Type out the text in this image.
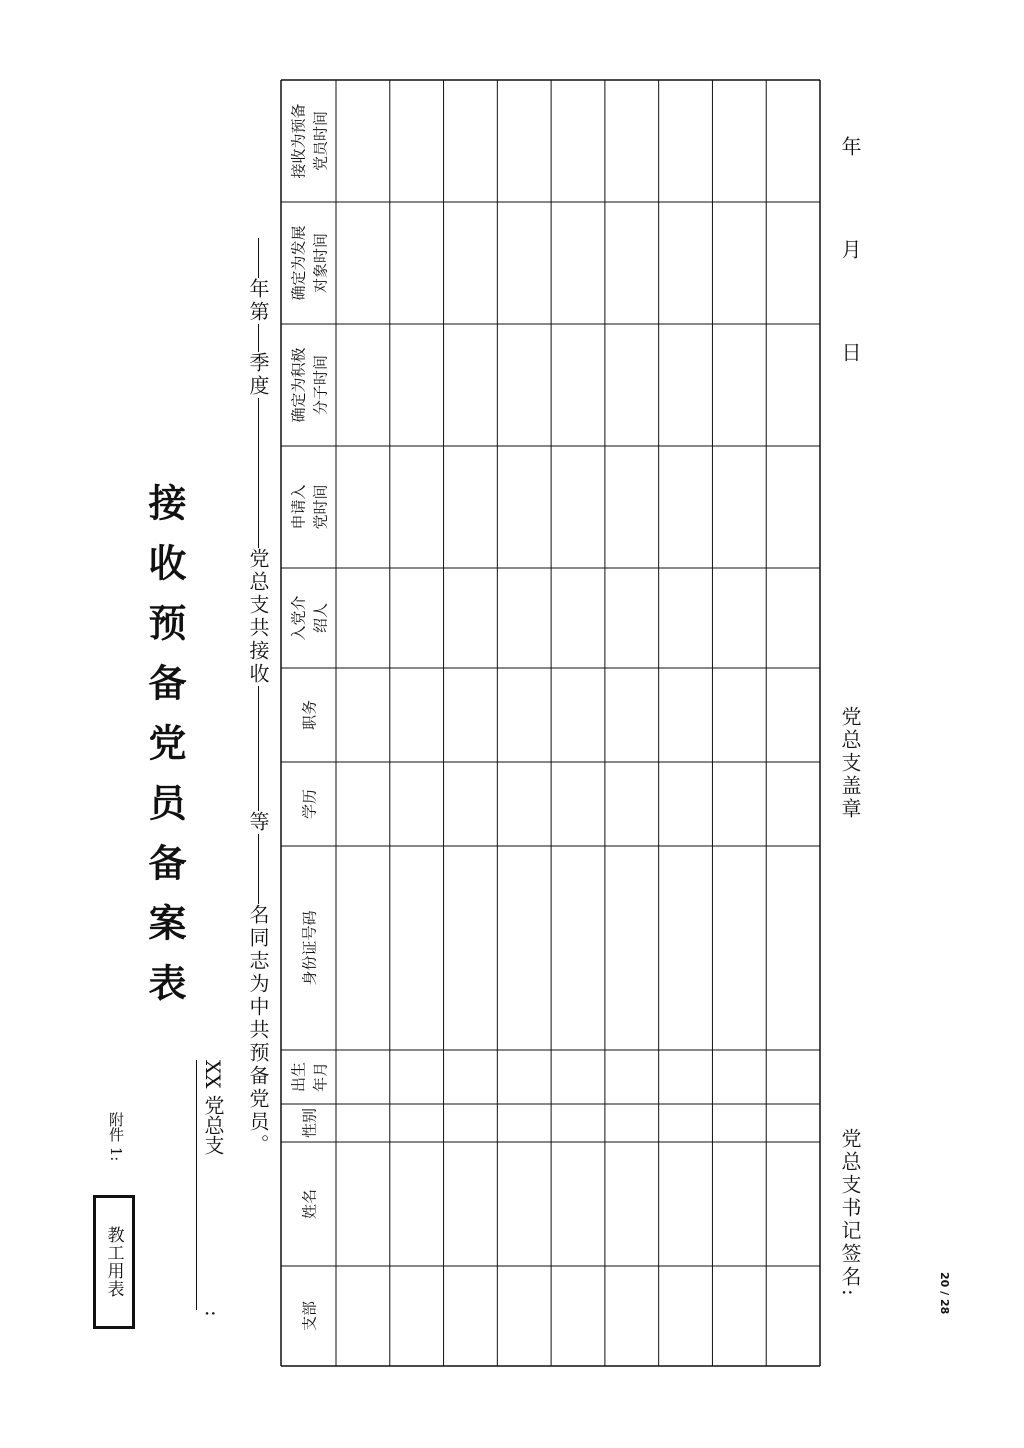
教工用表
附件 1:
接收预备党员备案表
XX 党总支:
年第季度党总支共接收等名同志为中共预备党员。
支部
姓名
性别
出生 年月
身份证号码
学历
职务
入党介 绍人
申请入 党时间
确定为积极 分子时间
确定为发展 对象时间
接收为预备 党员时间
党总支书记签名:
党总支盖章
年月日
20 / 28
